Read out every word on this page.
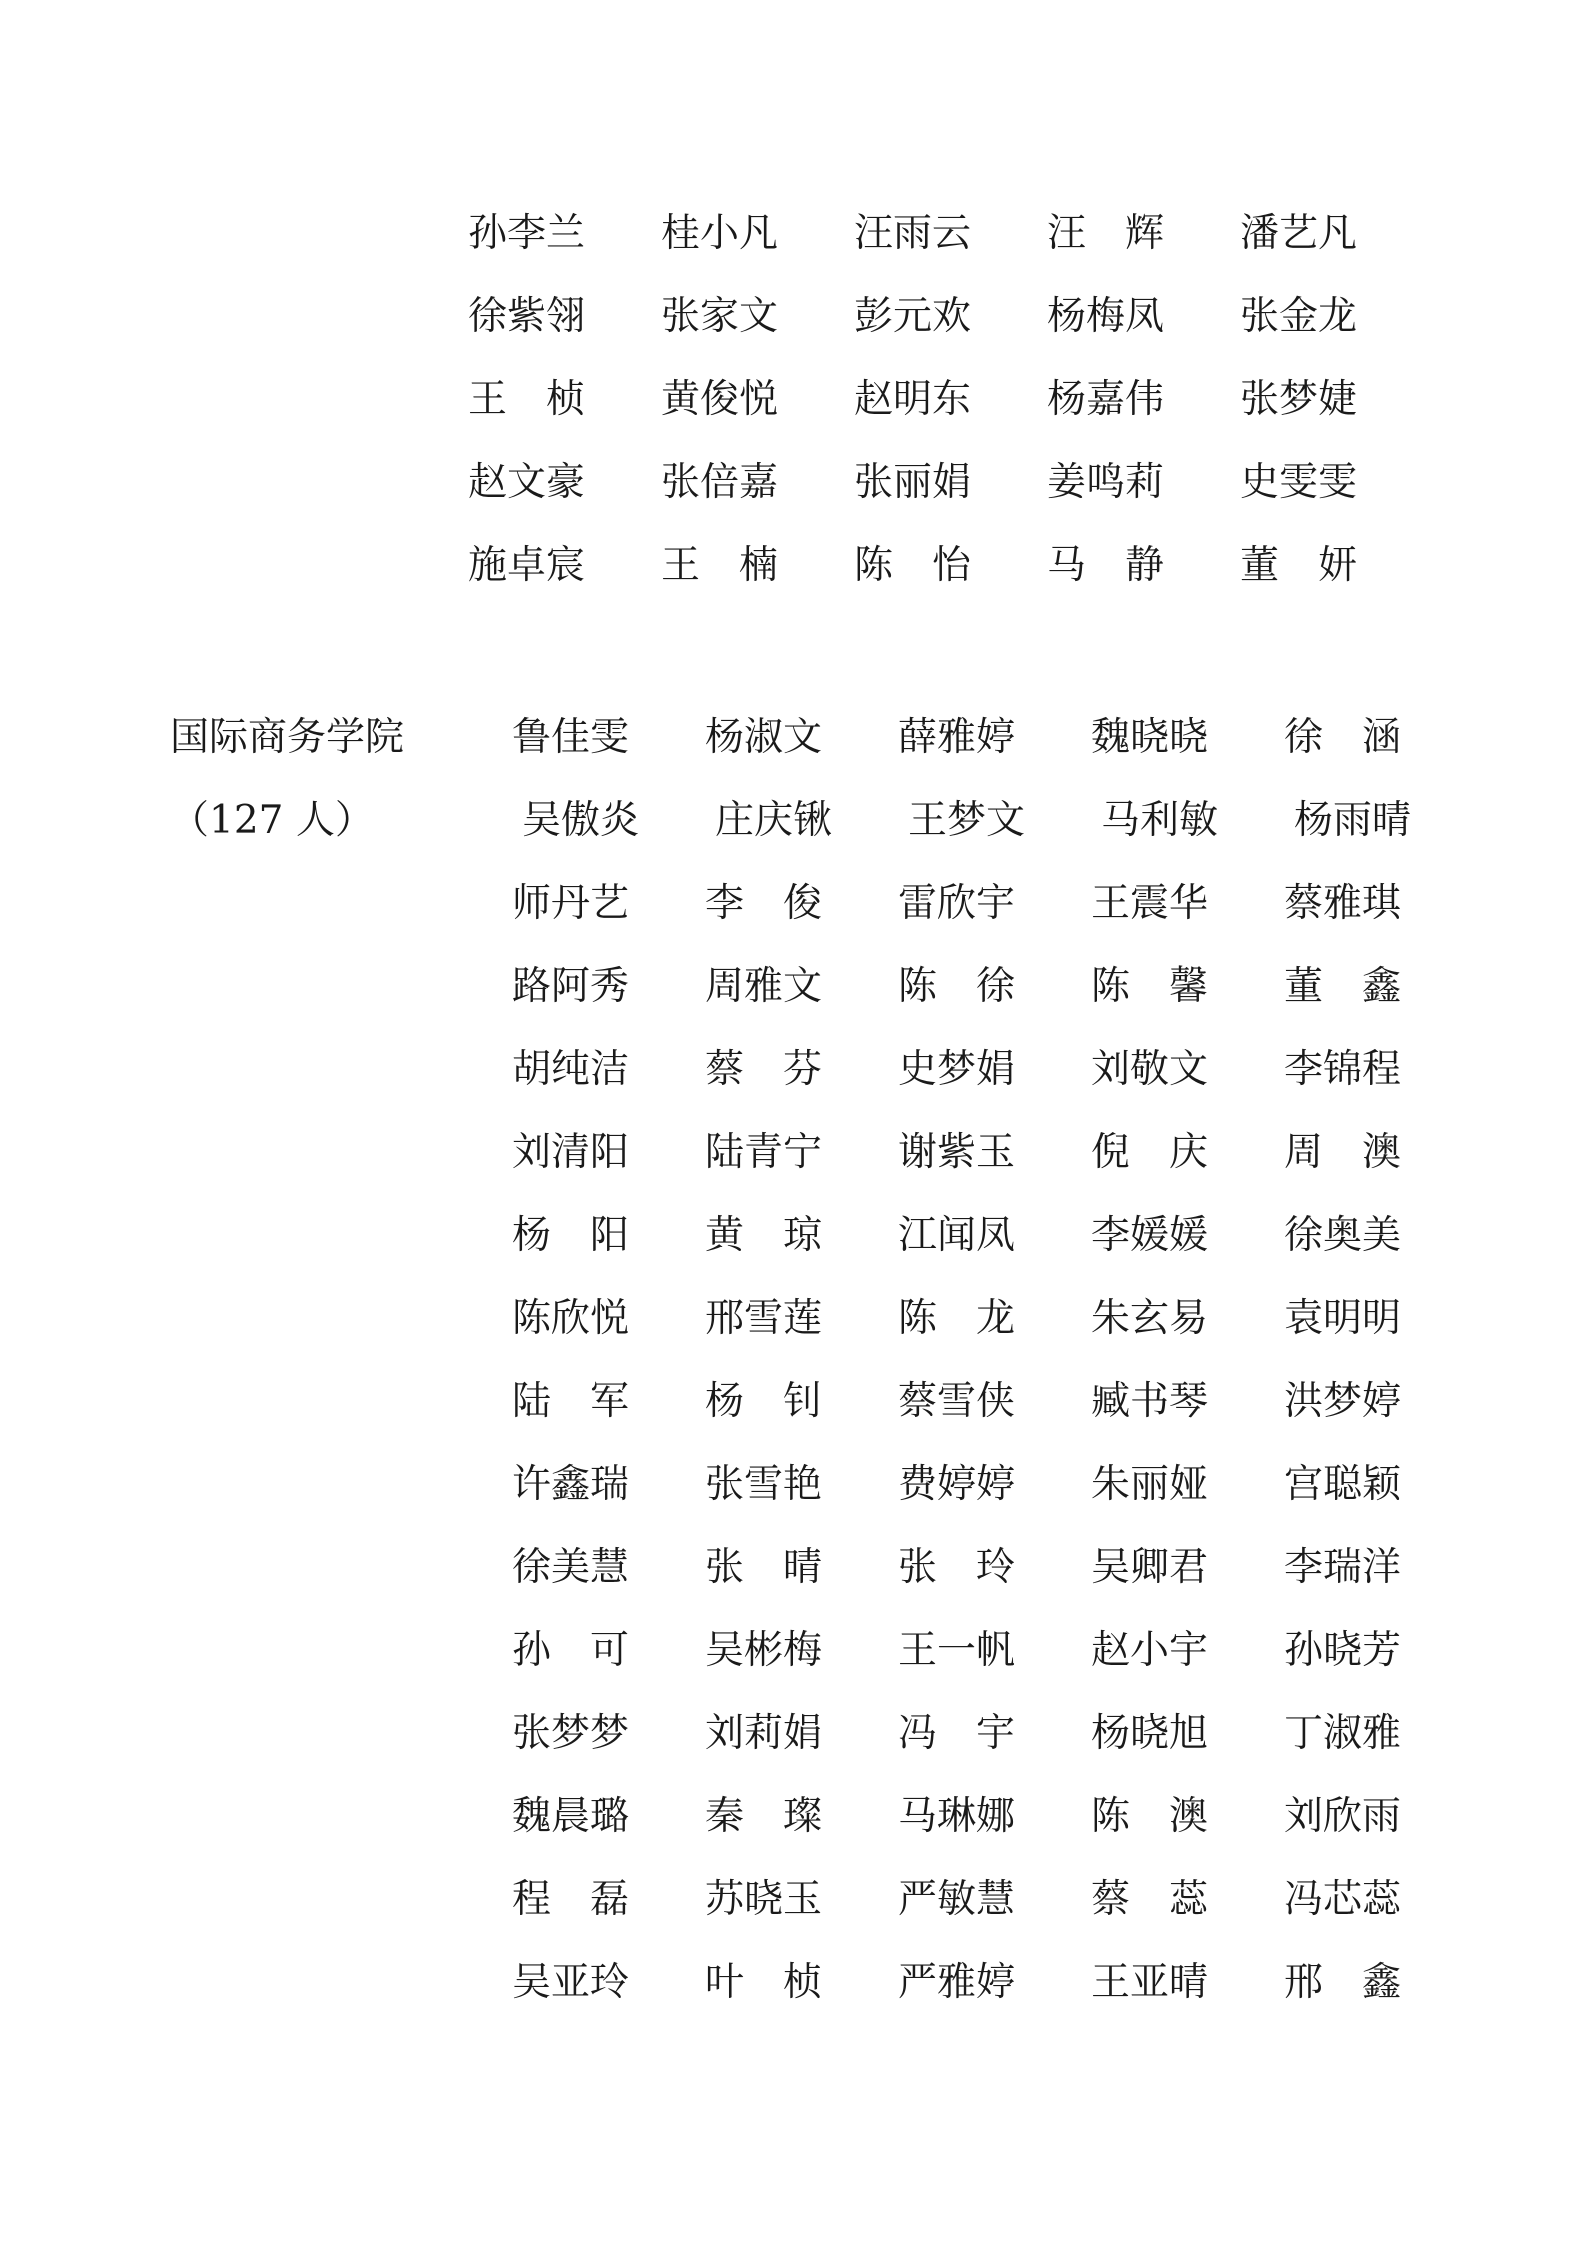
孙李兰 桂小凡 汪雨云 汪　辉 潘艺凡
徐紫翎 张家文 彭元欢 杨梅凤 张金龙
王　桢 黄俊悦 赵明东 杨嘉伟 张梦婕
赵文豪 张倍嘉 张丽娟 姜鸣莉 史雯雯
施卓宸 王　楠 陈　怡 马　静 董　妍
国际商务学院
（127 人）
鲁佳雯 杨淑文 薛雅婷 魏晓晓 徐　涵
吴傲炎 庄庆锹 王梦文 马利敏 杨雨晴
师丹艺 李　俊 雷欣宇 王震华 蔡雅琪
路阿秀 周雅文 陈　徐 陈　馨 董　鑫
胡纯洁 蔡　芬 史梦娟 刘敬文 李锦程
刘清阳 陆青宁 谢紫玉 倪　庆 周　澳
杨　阳 黄　琼 江闻凤 李媛媛 徐奥美
陈欣悦 邢雪莲 陈　龙 朱玄易 袁明明
陆　军 杨　钊 蔡雪侠 臧书琴 洪梦婷
许鑫瑞 张雪艳 费婷婷 朱丽娅 宫聪颖
徐美慧 张　晴 张　玲 吴卿君 李瑞洋
孙　可 吴彬梅 王一帆 赵小宇 孙晓芳
张梦梦 刘莉娟 冯　宇 杨晓旭 丁淑雅
魏晨璐 秦　璨 马琳娜 陈　澳 刘欣雨
程　磊 苏晓玉 严敏慧 蔡　蕊 冯芯蕊
吴亚玲 叶　桢 严雅婷 王亚晴 邢　鑫
